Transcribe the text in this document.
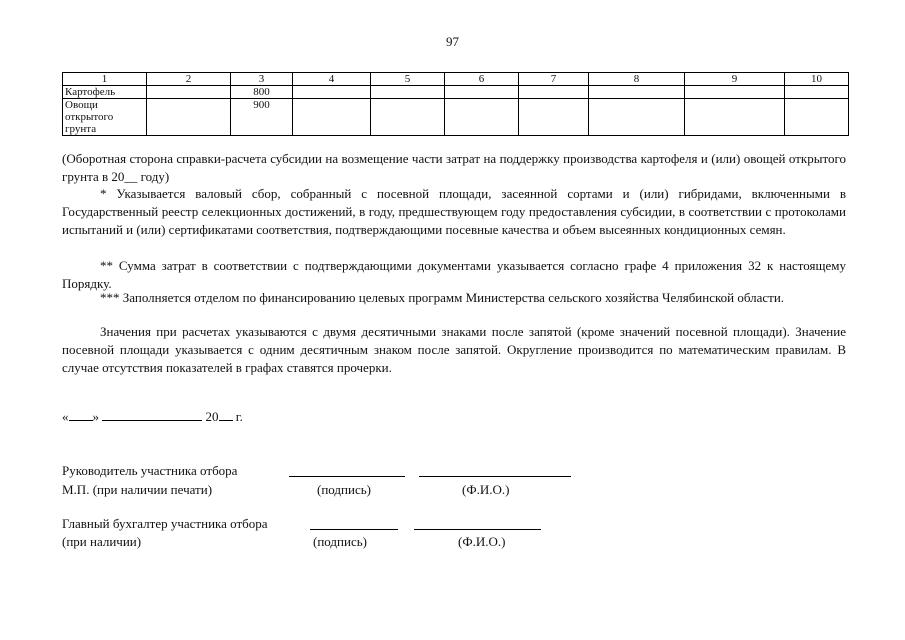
97
1	2	3	4	5	6	7	8	9	10
Картофель		800							

Овощи
открытого
грунта		900							
(Оборотная сторона справки-расчета субсидии на возмещение части затрат на поддержку производства картофеля и (или) овощей открытого грунта в 20__ году)
* Указывается валовый сбор, собранный с посевной площади, засеянной сортами и (или) гибридами, включенными в Государственный реестр селекционных достижений, в году, предшествующем году предоставления субсидии, в соответствии с протоколами испытаний и (или) сертификатами соответствия, подтверждающими посевные качества и объем высеянных кондиционных семян.
** Сумма затрат в соответствии с подтверждающими документами указывается согласно графе 4 приложения 32 к настоящему Порядку.
*** Заполняется отделом по финансированию целевых программ Министерства сельского хозяйства Челябинской области.
Значения при расчетах указываются с двумя десятичными знаками после запятой (кроме значений посевной площади). Значение посевной площади указывается с одним десятичным знаком после запятой. Округление производится по математическим правилам. В случае отсутствия показателей в графах ставятся прочерки.
« »	20 г.
Руководитель участника отбора
М.П. (при наличии печати)	(подпись)	(Ф.И.О.)
Главный бухгалтер участника отбора
(при наличии)	(подпись)	(Ф.И.О.)
